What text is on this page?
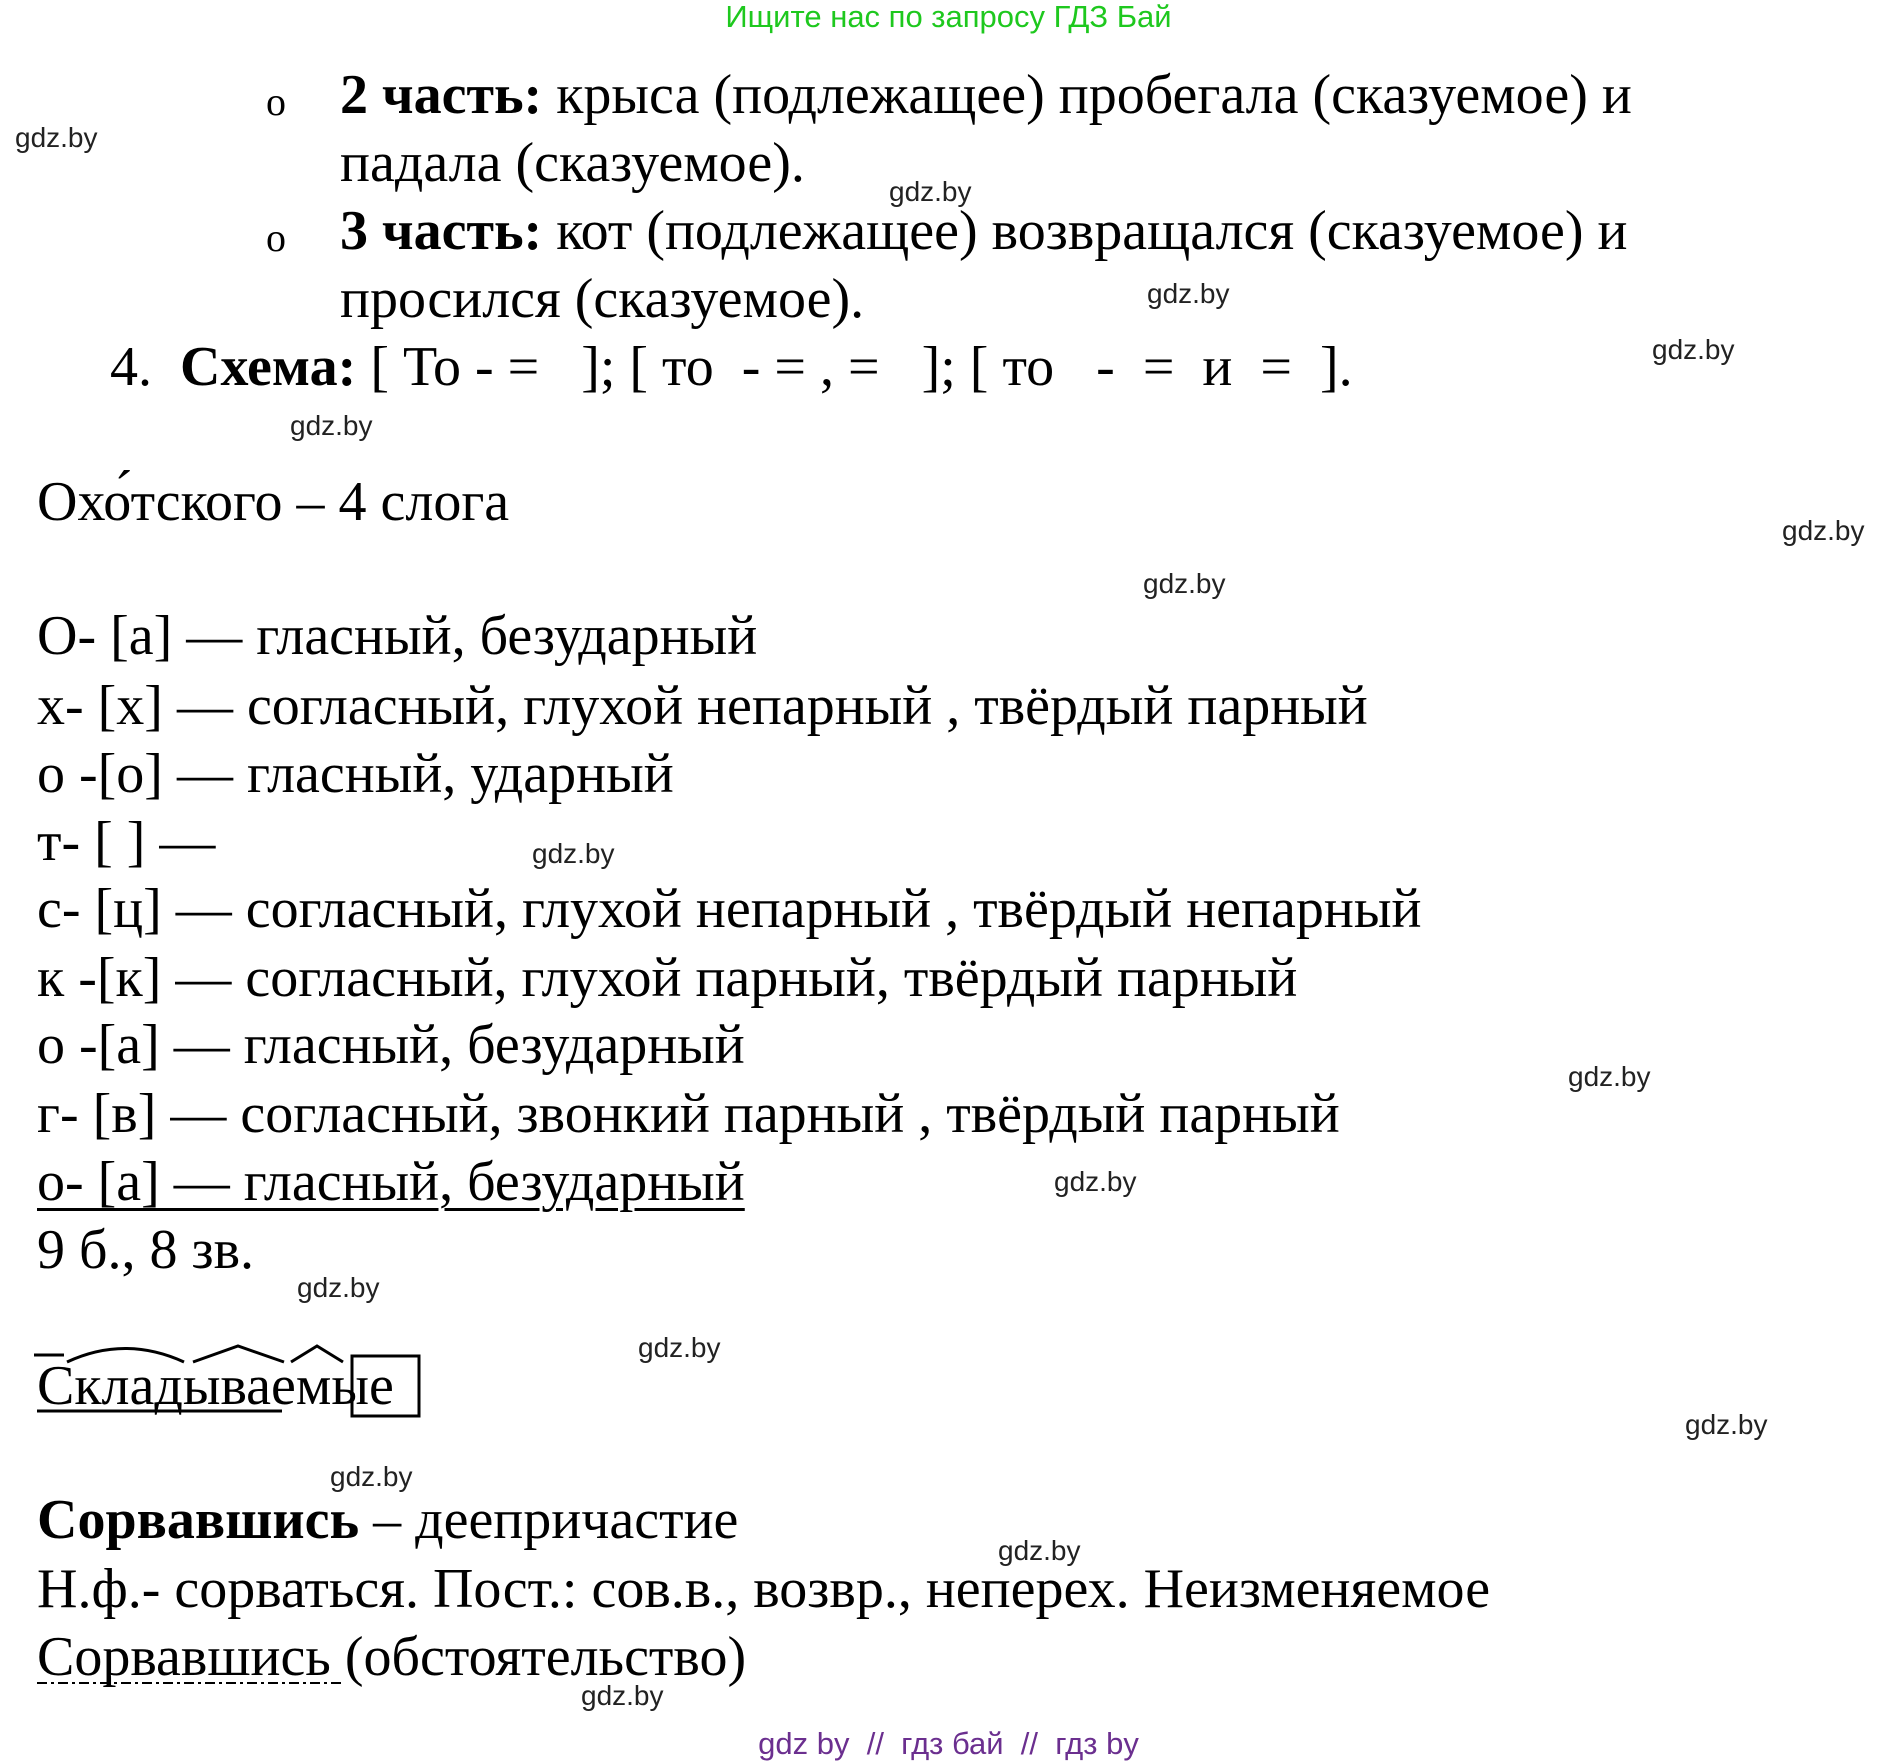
Ищите нас по запросу ГДЗ Бай
o 2 часть: крыса (подлежащее) пробегала (сказуемое) и
падала (сказуемое).
o 3 часть: кот (подлежащее) возвращался (сказуемое) и
просился (сказуемое).
4. Схема: [ То - =   ]; [ то  - = , =   ]; [ то   -  =  и  =  ].
Охо́тского – 4 слога
О- [а] — гласный, безударный
х- [х] — согласный, глухой непарный , твёрдый парный
о -[о] — гласный, ударный
т- [ ] —
с- [ц] — согласный, глухой непарный , твёрдый непарный
к -[к] — согласный, глухой парный, твёрдый парный
о -[а] — гласный, безударный
г- [в] — согласный, звонкий парный , твёрдый парный
о- [а] — гласный, безударный
9 б., 8 зв.
Складываемые
Сорвавшись – деепричастие
Н.ф.- сорваться. Пост.: сов.в., возвр., неперех. Неизменяемое
Сорвавшись (обстоятельство)
gdz.by
gdz.by
gdz.by
gdz.by
gdz.by
gdz.by
gdz.by
gdz.by
gdz.by
gdz.by
gdz.by
gdz.by
gdz.by
gdz.by
gdz.by
gdz.by
gdz by  //  гдз бай  //  гдз by
